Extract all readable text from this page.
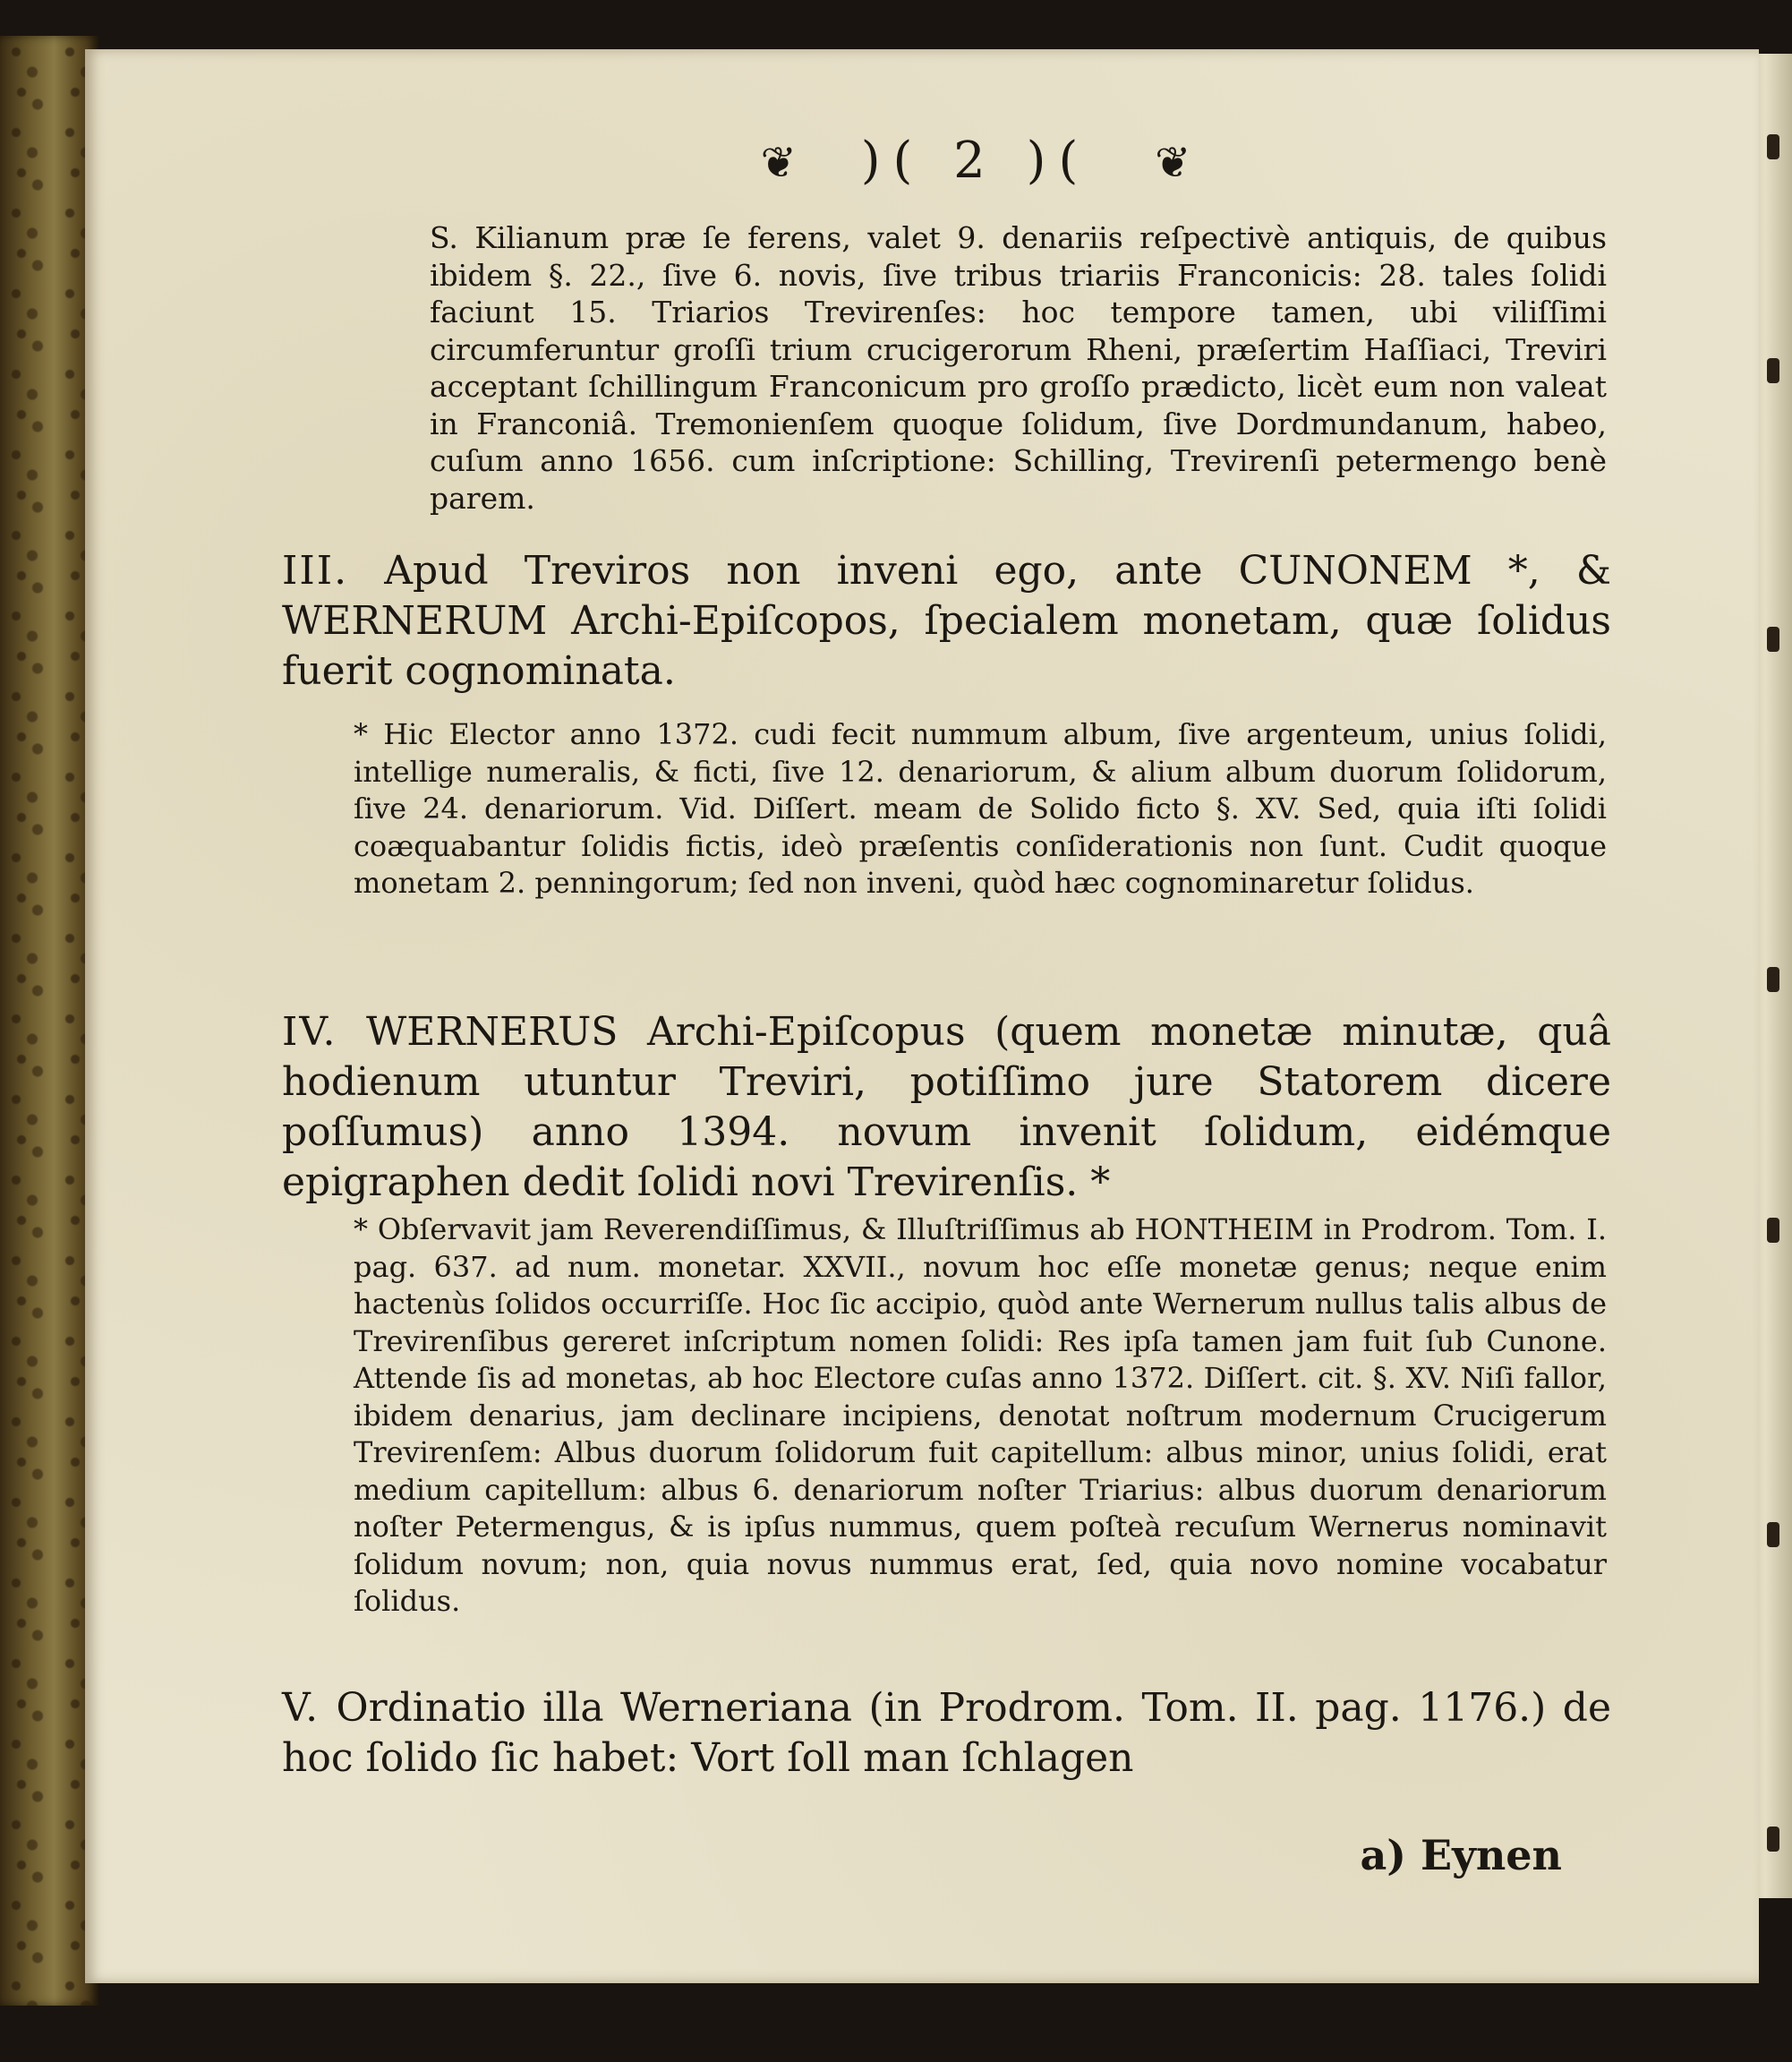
❦ )( 2 )( ❦

S. Kilianum præ ſe ferens, valet 9. denariis reſpectivè antiquis, de quibus ibidem §. 22., ſive 6. novis, ſive tribus triariis Franconicis: 28. tales ſolidi faciunt 15. Triarios Trevirenſes: hoc tempore tamen, ubi viliſſimi circumferuntur groſſi trium crucigerorum Rheni, præſertim Haſſiaci, Treviri acceptant ſchillingum Franconicum pro groſſo prædicto, licèt eum non valeat in Franconiâ. Tremonienſem quoque ſolidum, ſive Dordmundanum, habeo, cuſum anno 1656. cum inſcriptione: Schilling, Trevirenſi petermengo benè parem.

III. Apud Treviros non inveni ego, ante CUNONEM *, & WERNERUM Archi-Epiſcopos, ſpecialem monetam, quæ ſolidus fuerit cognominata.

* Hic Elector anno 1372. cudi fecit nummum album, ſive argenteum, unius ſolidi, intellige numeralis, & ficti, ſive 12. denariorum, & alium album duorum ſolidorum, ſive 24. denariorum. Vid. Diſſert. meam de Solido ficto §. XV. Sed, quia iſti ſolidi coæquabantur ſolidis fictis, ideò præſentis conſiderationis non ſunt. Cudit quoque monetam 2. penningorum; ſed non inveni, quòd hæc cognominaretur ſolidus.

IV. WERNERUS Archi-Epiſcopus (quem monetæ minutæ, quâ hodienum utuntur Treviri, potiſſimo jure Statorem dicere poſſumus) anno 1394. novum invenit ſolidum, eidémque epigraphen dedit ſolidi novi Trevirenſis. *

* Obſervavit jam Reverendiſſimus, & Illuſtriſſimus ab HONTHEIM in Prodrom. Tom. I. pag. 637. ad num. monetar. XXVII., novum hoc eſſe monetæ genus; neque enim hactenùs ſolidos occurriſſe. Hoc ſic accipio, quòd ante Wernerum nullus talis albus de Trevirenſibus gereret inſcriptum nomen ſolidi: Res ipſa tamen jam fuit ſub Cunone. Attende ſis ad monetas, ab hoc Electore cuſas anno 1372. Diſſert. cit. §. XV. Niſi fallor, ibidem denarius, jam declinare incipiens, denotat noſtrum modernum Crucigerum Trevirenſem: Albus duorum ſolidorum fuit capitellum: albus minor, unius ſolidi, erat medium capitellum: albus 6. denariorum noſter Triarius: albus duorum denariorum noſter Petermengus, & is ipſus nummus, quem poſteà recuſum Wernerus nominavit ſolidum novum; non, quia novus nummus erat, ſed, quia novo nomine vocabatur ſolidus.

V. Ordinatio illa Werneriana (in Prodrom. Tom. II. pag. 1176.) de hoc ſolido ſic habet: Vort ſoll man ſchlagen

a) Eynen
